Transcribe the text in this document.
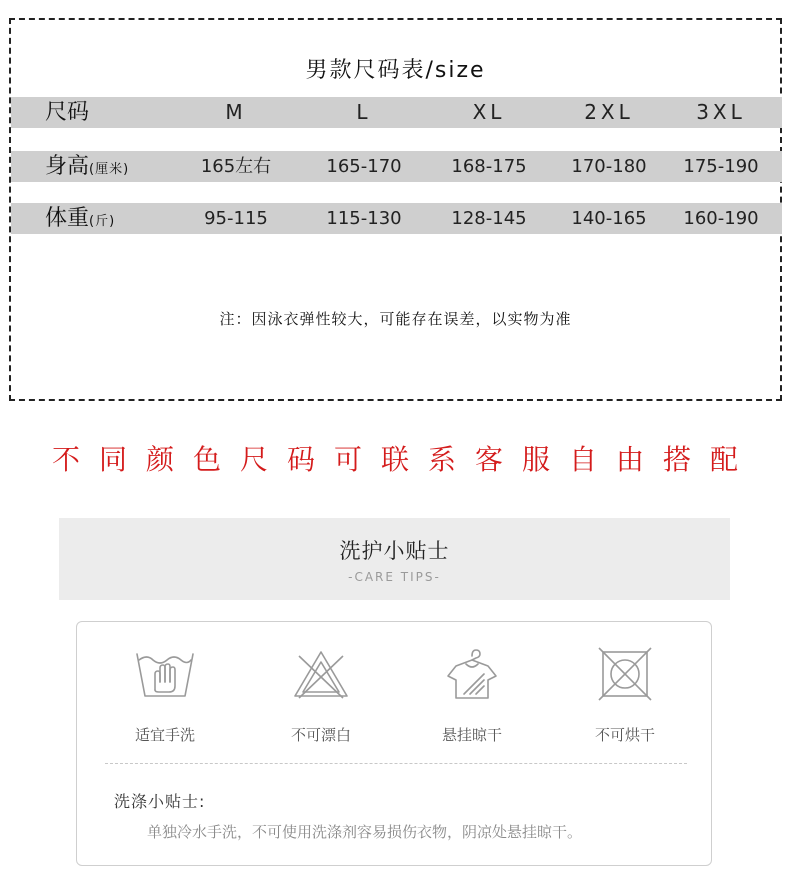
男款尺码表/size
尺码	M	L	XL	2XL	3XL
身高(厘米)	165左右	165-170	168-175	170-180	175-190
体重(斤)	95-115	115-130	128-145	140-165	160-190
注：因泳衣弹性较大，可能存在误差，以实物为准
不同颜色尺码可联系客服自由搭配
洗护小贴士
-CARE TIPS-
适宜手洗	不可漂白	悬挂晾干	不可烘干
洗涤小贴士:
单独冷水手洗，不可使用洗涤剂容易损伤衣物，阴凉处悬挂晾干。
